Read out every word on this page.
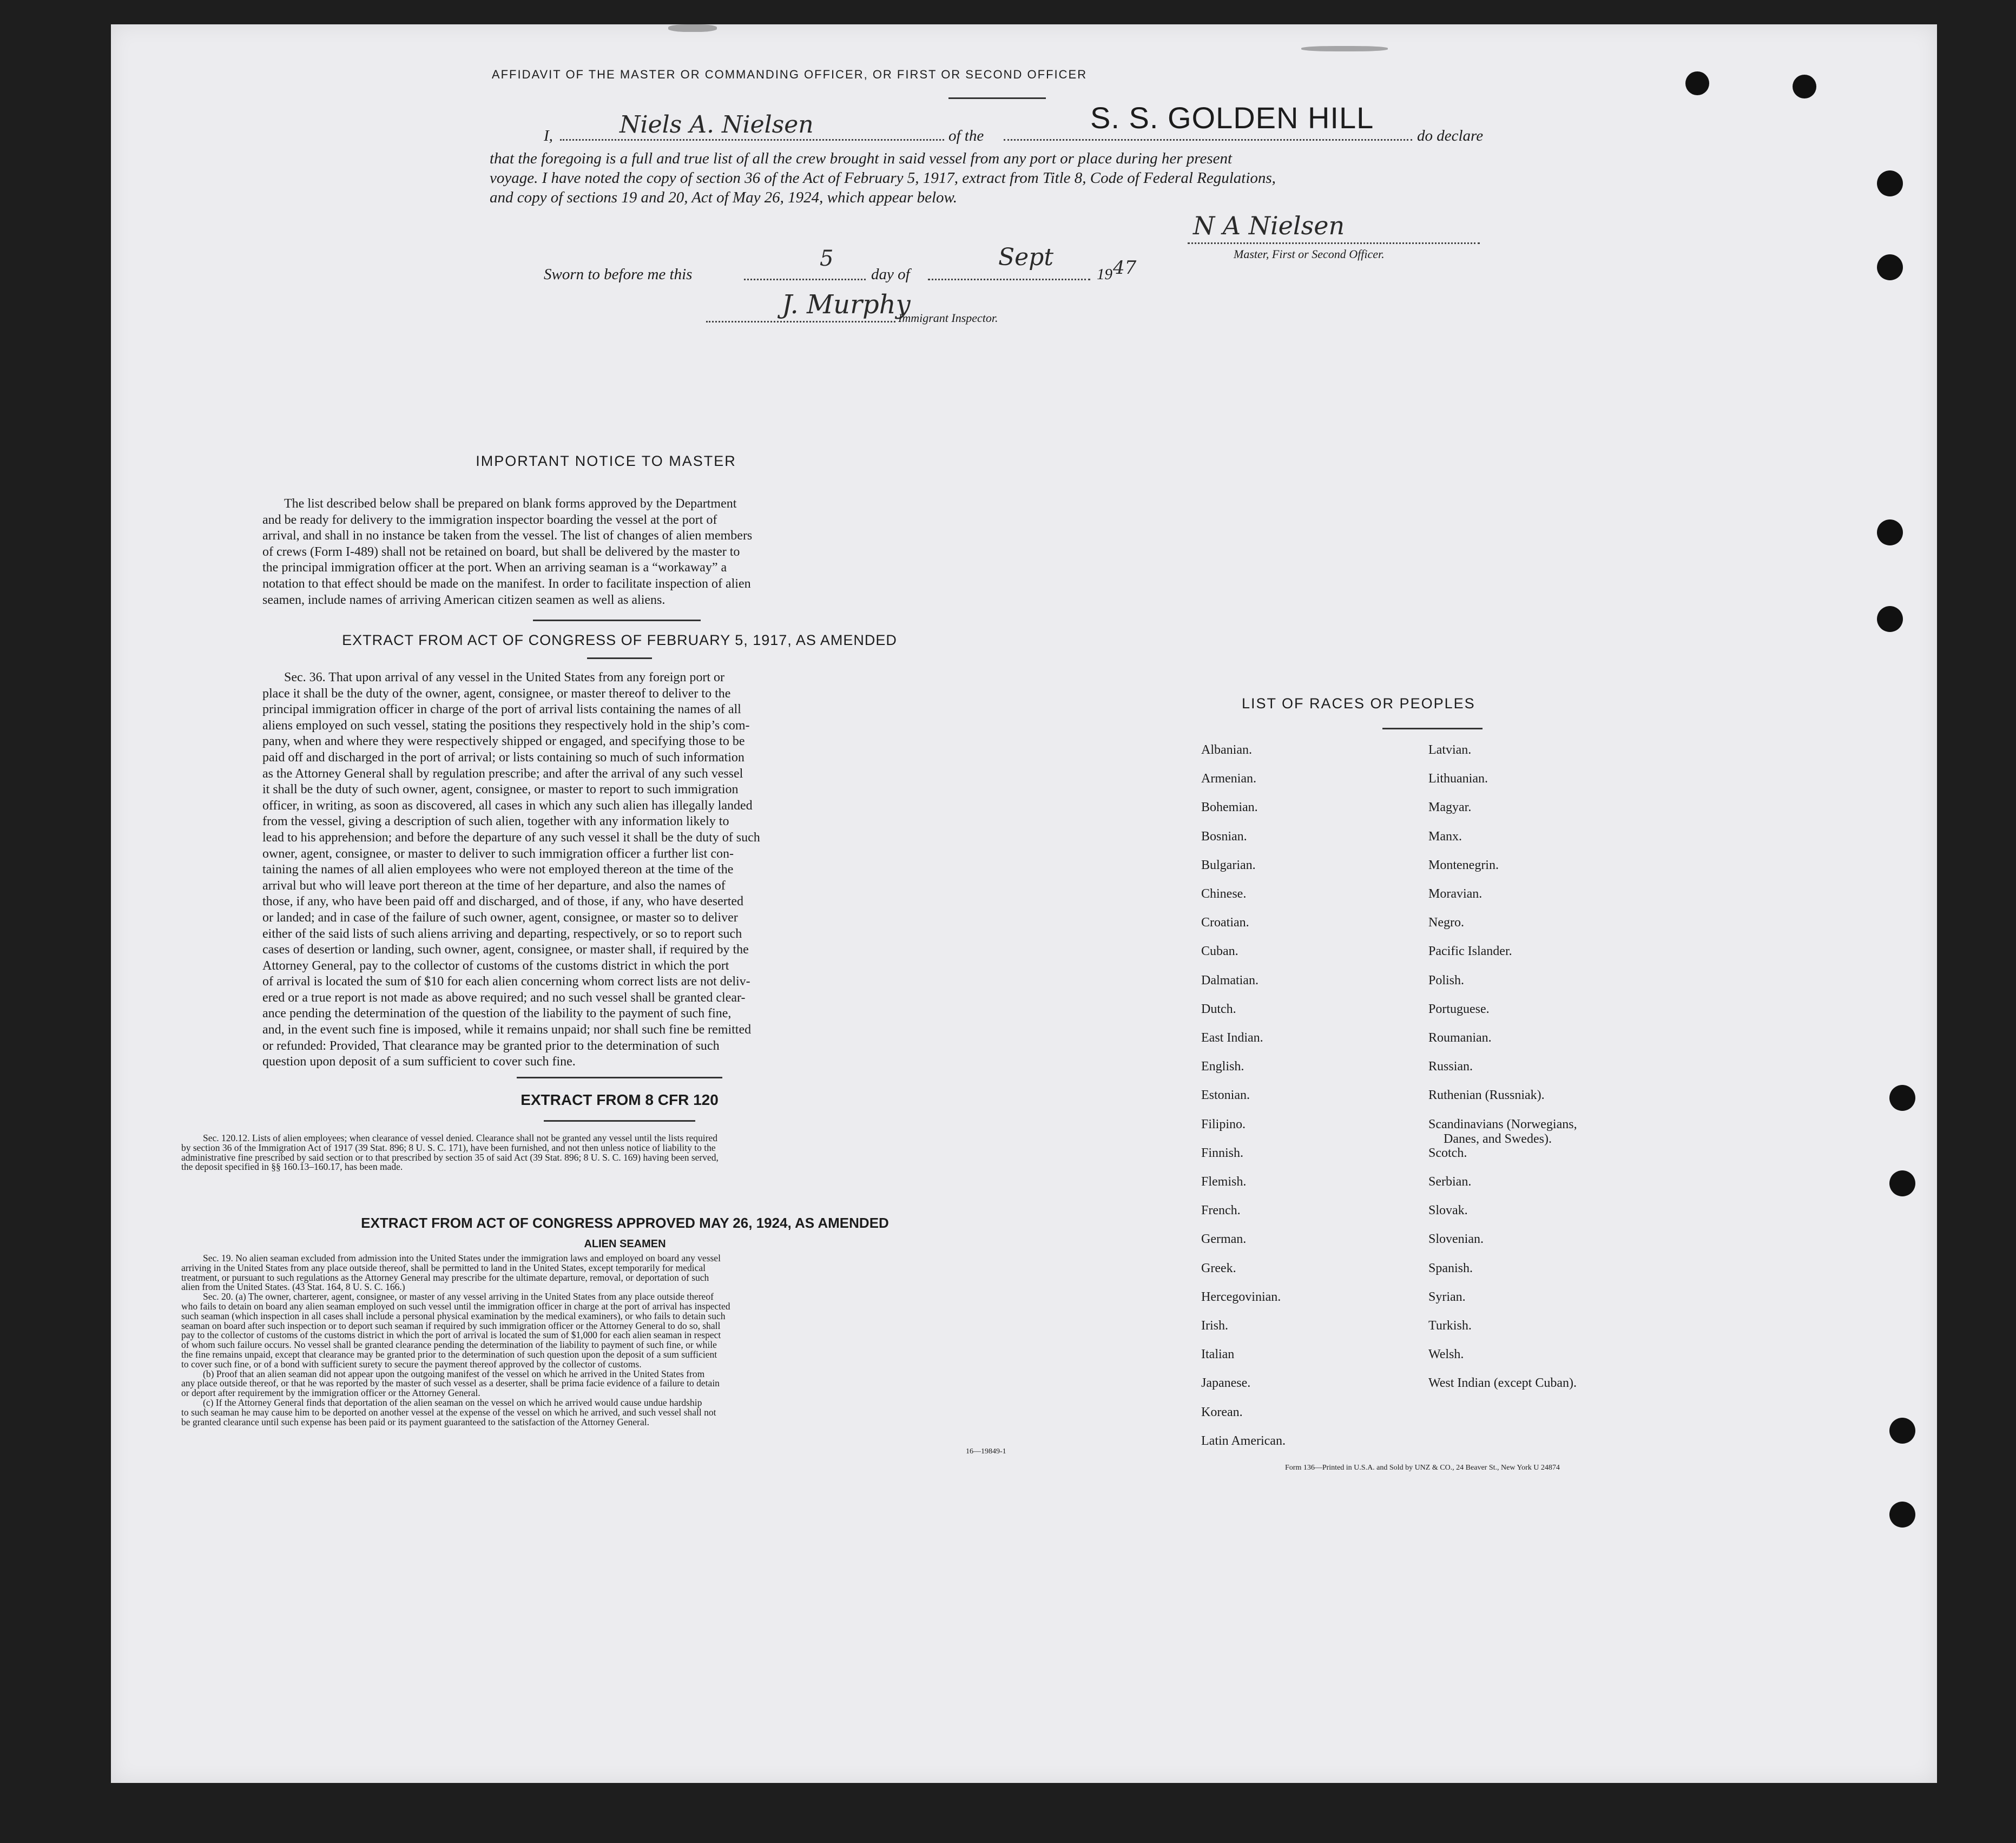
AFFIDAVIT OF THE MASTER OR COMMANDING OFFICER, OR FIRST OR SECOND OFFICER
I,	Niels A. Nielsen	of the
S. S. GOLDEN HILL
do declare
that the foregoing is a full and true list of all the crew brought in said vessel from any port or place during her present
voyage. I have noted the copy of section 36 of the Act of February 5, 1917, extract from Title 8, Code of Federal Regulations,
and copy of sections 19 and 20, Act of May 26, 1924, which appear below.
N A Nielsen
Master, First or Second Officer.
Sworn to before me this
5
day of
Sept
19 47
J. Murphy
Immigrant Inspector.
IMPORTANT NOTICE TO MASTER
The list described below shall be prepared on blank forms approved by the Department
and be ready for delivery to the immigration inspector boarding the vessel at the port of
arrival, and shall in no instance be taken from the vessel. The list of changes of alien members
of crews (Form I-489) shall not be retained on board, but shall be delivered by the master to
the principal immigration officer at the port. When an arriving seaman is a “workaway” a
notation to that effect should be made on the manifest. In order to facilitate inspection of alien
seamen, include names of arriving American citizen seamen as well as aliens.
EXTRACT FROM ACT OF CONGRESS OF FEBRUARY 5, 1917, AS AMENDED
Sec. 36. That upon arrival of any vessel in the United States from any foreign port or
place it shall be the duty of the owner, agent, consignee, or master thereof to deliver to the
principal immigration officer in charge of the port of arrival lists containing the names of all
aliens employed on such vessel, stating the positions they respectively hold in the ship’s com-
pany, when and where they were respectively shipped or engaged, and specifying those to be
paid off and discharged in the port of arrival; or lists containing so much of such information
as the Attorney General shall by regulation prescribe; and after the arrival of any such vessel
it shall be the duty of such owner, agent, consignee, or master to report to such immigration
officer, in writing, as soon as discovered, all cases in which any such alien has illegally landed
from the vessel, giving a description of such alien, together with any information likely to
lead to his apprehension; and before the departure of any such vessel it shall be the duty of such
owner, agent, consignee, or master to deliver to such immigration officer a further list con-
taining the names of all alien employees who were not employed thereon at the time of the
arrival but who will leave port thereon at the time of her departure, and also the names of
those, if any, who have been paid off and discharged, and of those, if any, who have deserted
or landed; and in case of the failure of such owner, agent, consignee, or master so to deliver
either of the said lists of such aliens arriving and departing, respectively, or so to report such
cases of desertion or landing, such owner, agent, consignee, or master shall, if required by the
Attorney General, pay to the collector of customs of the customs district in which the port
of arrival is located the sum of $10 for each alien concerning whom correct lists are not deliv-
ered or a true report is not made as above required; and no such vessel shall be granted clear-
ance pending the determination of the question of the liability to the payment of such fine,
and, in the event such fine is imposed, while it remains unpaid; nor shall such fine be remitted
or refunded: Provided, That clearance may be granted prior to the determination of such
question upon deposit of a sum sufficient to cover such fine.
EXTRACT FROM 8 CFR 120
Sec. 120.12. Lists of alien employees; when clearance of vessel denied. Clearance shall not be granted any vessel until the lists required
by section 36 of the Immigration Act of 1917 (39 Stat. 896; 8 U. S. C. 171), have been furnished, and not then unless notice of liability to the
administrative fine prescribed by said section or to that prescribed by section 35 of said Act (39 Stat. 896; 8 U. S. C. 169) having been served,
the deposit specified in §§ 160.13–160.17, has been made.
EXTRACT FROM ACT OF CONGRESS APPROVED MAY 26, 1924, AS AMENDED
ALIEN SEAMEN
Sec. 19. No alien seaman excluded from admission into the United States under the immigration laws and employed on board any vessel
arriving in the United States from any place outside thereof, shall be permitted to land in the United States, except temporarily for medical
treatment, or pursuant to such regulations as the Attorney General may prescribe for the ultimate departure, removal, or deportation of such
alien from the United States. (43 Stat. 164, 8 U. S. C. 166.)
Sec. 20. (a) The owner, charterer, agent, consignee, or master of any vessel arriving in the United States from any place outside thereof
who fails to detain on board any alien seaman employed on such vessel until the immigration officer in charge at the port of arrival has inspected
such seaman (which inspection in all cases shall include a personal physical examination by the medical examiners), or who fails to detain such
seaman on board after such inspection or to deport such seaman if required by such immigration officer or the Attorney General to do so, shall
pay to the collector of customs of the customs district in which the port of arrival is located the sum of $1,000 for each alien seaman in respect
of whom such failure occurs. No vessel shall be granted clearance pending the determination of the liability to payment of such fine, or while
the fine remains unpaid, except that clearance may be granted prior to the determination of such question upon the deposit of a sum sufficient
to cover such fine, or of a bond with sufficient surety to secure the payment thereof approved by the collector of customs.
(b) Proof that an alien seaman did not appear upon the outgoing manifest of the vessel on which he arrived in the United States from
any place outside thereof, or that he was reported by the master of such vessel as a deserter, shall be prima facie evidence of a failure to detain
or deport after requirement by the immigration officer or the Attorney General.
(c) If the Attorney General finds that deportation of the alien seaman on the vessel on which he arrived would cause undue hardship
to such seaman he may cause him to be deported on another vessel at the expense of the vessel on which he arrived, and such vessel shall not
be granted clearance until such expense has been paid or its payment guaranteed to the satisfaction of the Attorney General.
16—19849-1
LIST OF RACES OR PEOPLES
Albanian.
Armenian.
Bohemian.
Bosnian.
Bulgarian.
Chinese.
Croatian.
Cuban.
Dalmatian.
Dutch.
East Indian.
English.
Estonian.
Filipino.
Finnish.
Flemish.
French.
German.
Greek.
Hercegovinian.
Irish.
Italian
Japanese.
Korean.
Latin American.
Latvian.
Lithuanian.
Magyar.
Manx.
Montenegrin.
Moravian.
Negro.
Pacific Islander.
Polish.
Portuguese.
Roumanian.
Russian.
Ruthenian (Russniak).
Scandinavians (Norwegians,
Danes, and Swedes).
Scotch.
Serbian.
Slovak.
Slovenian.
Spanish.
Syrian.
Turkish.
Welsh.
West Indian (except Cuban).
Form 136—Printed in U.S.A. and Sold by UNZ & CO., 24 Beaver St., New York U 24874
